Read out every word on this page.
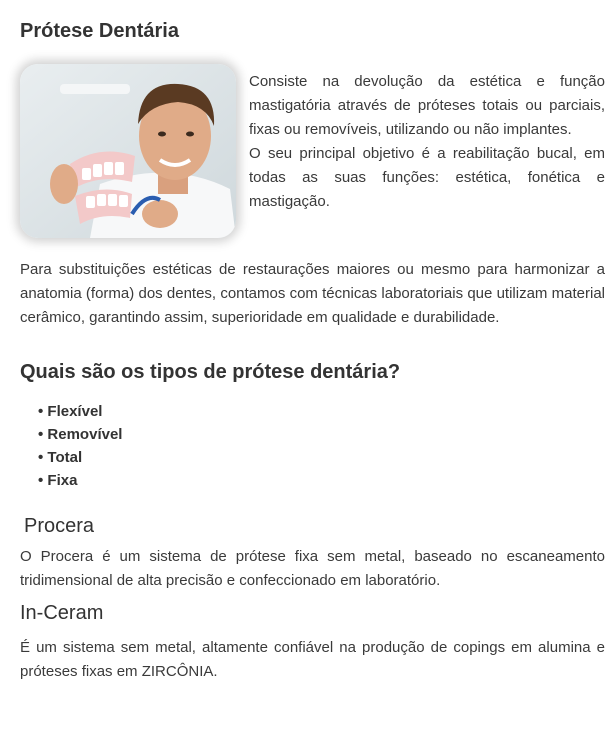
Prótese Dentária

Consiste na devolução da estética e função mastigatória através de próteses totais ou parciais, fixas ou removíveis, utilizando ou não implantes.

O seu principal objetivo é a reabilitação bucal, em todas as suas funções: estética, fonética e mastigação.

Para substituições estéticas de restaurações maiores ou mesmo para harmonizar a anatomia (forma) dos dentes, contamos com técnicas laboratoriais que utilizam material cerâmico, garantindo assim, superioridade em qualidade e durabilidade.

Quais são os tipos de prótese dentária?
• Flexível
• Removível
• Total
• Fixa
Procera

O Procera é um sistema de prótese fixa sem metal, baseado no escaneamento tridimensional de alta precisão e confeccionado em laboratório.

In-Ceram

É um sistema sem metal, altamente confiável na produção de copings em alumina e próteses fixas em ZIRCÔNIA.
